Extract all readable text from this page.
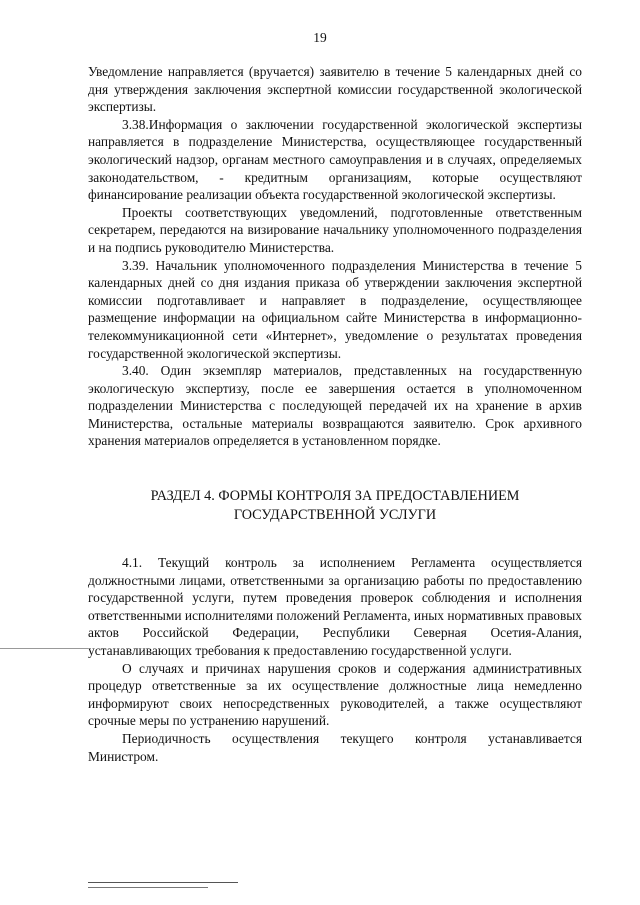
19

Уведомление направляется (вручается) заявителю в течение 5 календарных дней со дня утверждения заключения экспертной комиссии государственной экологической экспертизы.

3.38.Информация о заключении государственной экологической экспертизы направляется в подразделение Министерства, осуществляющее государственный экологический надзор, органам местного самоуправления и в случаях, определяемых законодательством, - кредитным организациям, которые осуществляют финансирование реализации объекта государственной экологической экспертизы.

Проекты соответствующих уведомлений, подготовленные ответственным секретарем, передаются на визирование начальнику уполномоченного подразделения и на подпись руководителю Министерства.

3.39. Начальник уполномоченного подразделения Министерства в течение 5 календарных дней со дня издания приказа об утверждении заключения экспертной комиссии подготавливает и направляет в подразделение, осуществляющее размещение информации на официальном сайте Министерства в информационно-телекоммуникационной сети «Интернет», уведомление о результатах проведения государственной экологической экспертизы.

3.40. Один экземпляр материалов, представленных на государственную экологическую экспертизу, после ее завершения остается в уполномоченном подразделении Министерства с последующей передачей их на хранение в архив Министерства, остальные материалы возвращаются заявителю. Срок архивного хранения материалов определяется в установленном порядке.

РАЗДЕЛ 4. ФОРМЫ КОНТРОЛЯ ЗА ПРЕДОСТАВЛЕНИЕМ
ГОСУДАРСТВЕННОЙ УСЛУГИ

4.1. Текущий контроль за исполнением Регламента осуществляется должностными лицами, ответственными за организацию работы по предоставлению государственной услуги, путем проведения проверок соблюдения и исполнения ответственными исполнителями положений Регламента, иных нормативных правовых актов Российской Федерации, Республики Северная Осетия-Алания, устанавливающих требования к предоставлению государственной услуги.

О случаях и причинах нарушения сроков и содержания административных процедур ответственные за их осуществление должностные лица немедленно информируют своих непосредственных руководителей, а также осуществляют срочные меры по устранению нарушений.

Периодичность осуществления текущего контроля устанавливается Министром.
